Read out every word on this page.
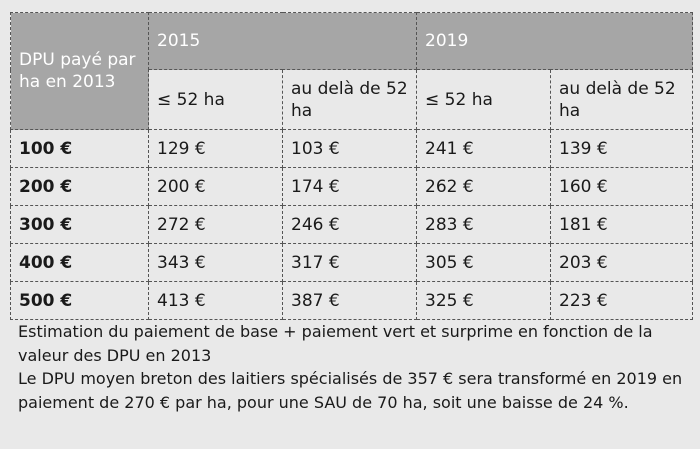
DPU payé par ha en 2013	2015		2019	
	≤ 52 ha	au delà de 52 ha	≤ 52 ha	au delà de 52 ha
100 €	129 €	103 €	241 €	139 €
200 €	200 €	174 €	262 €	160 €
300 €	272 €	246 €	283 €	181 €
400 €	343 €	317 €	305 €	203 €
500 €	413 €	387 €	325 €	223 €

Estimation du paiement de base + paiement vert et surprime en fonction de la valeur des DPU en 2013

Le DPU moyen breton des laitiers spécialisés de 357 € sera transformé en 2019 en paiement de 270 € par ha, pour une SAU de 70 ha, soit une baisse de 24 %.
